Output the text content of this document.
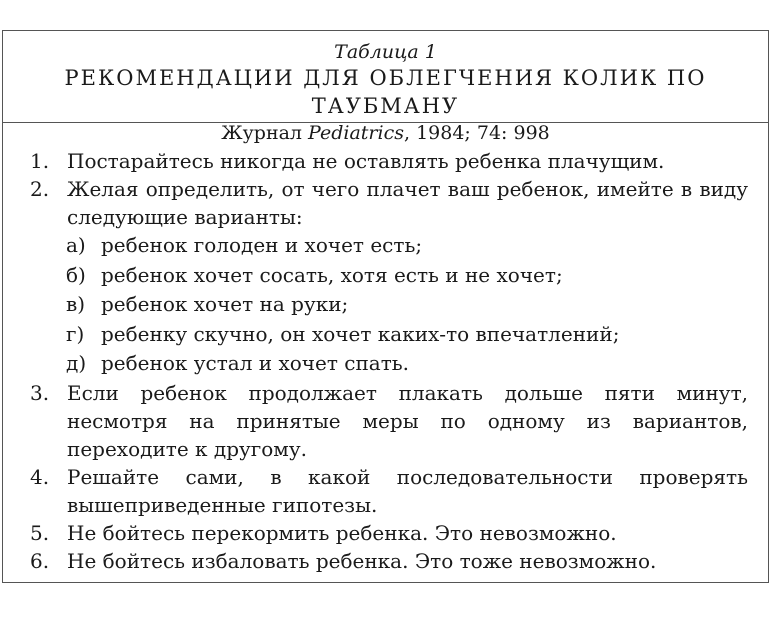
Таблица 1
РЕКОМЕНДАЦИИ ДЛЯ ОБЛЕГЧЕНИЯ КОЛИК ПО ТАУБМАНУ
Журнал Pediatrics, 1984; 74: 998
1. Постарайтесь никогда не оставлять ребенка плачущим.
2. Желая определить, от чего плачет ваш ребенок, имейте в виду следующие варианты:
а) ребенок голоден и хочет есть;
б) ребенок хочет сосать, хотя есть и не хочет;
в) ребенок хочет на руки;
г) ребенку скучно, он хочет каких-то впечатлений;
д) ребенок устал и хочет спать.
3. Если ребенок продолжает плакать дольше пяти минут, несмотря на принятые меры по одному из вариантов, переходите к другому.
4. Решайте сами, в какой последовательности проверять вышеприведенные гипотезы.
5. Не бойтесь перекормить ребенка. Это невозможно.
6. Не бойтесь избаловать ребенка. Это тоже невозможно.
